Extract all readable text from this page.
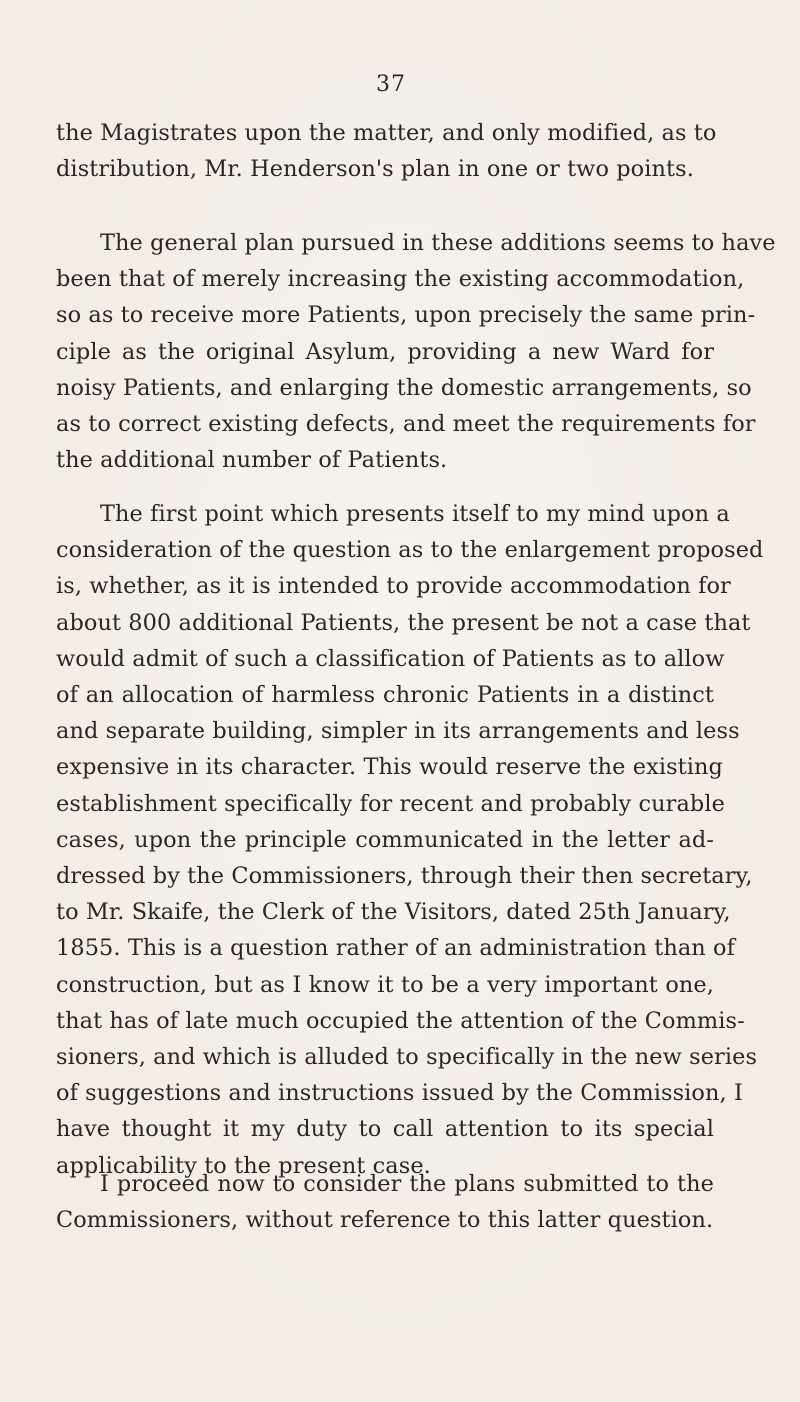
37
the Magistrates upon the matter, and only modified, as to
distribution, Mr. Henderson's plan in one or two points.
The general plan pursued in these additions seems to have
been that of merely increasing the existing accommodation,
so as to receive more Patients, upon precisely the same prin-
ciple as the original Asylum, providing a new Ward for
noisy Patients, and enlarging the domestic arrangements, so
as to correct existing defects, and meet the requirements for
the additional number of Patients.
The first point which presents itself to my mind upon a
consideration of the question as to the enlargement proposed
is, whether, as it is intended to provide accommodation for
about 800 additional Patients, the present be not a case that
would admit of such a classification of Patients as to allow
of an allocation of harmless chronic Patients in a distinct
and separate building, simpler in its arrangements and less
expensive in its character. This would reserve the existing
establishment specifically for recent and probably curable
cases, upon the principle communicated in the letter ad-
dressed by the Commissioners, through their then secretary,
to Mr. Skaife, the Clerk of the Visitors, dated 25th January,
1855. This is a question rather of an administration than of
construction, but as I know it to be a very important one,
that has of late much occupied the attention of the Commis-
sioners, and which is alluded to specifically in the new series
of suggestions and instructions issued by the Commission, I
have thought it my duty to call attention to its special
applicability to the present case.
I proceed now to consider the plans submitted to the
Commissioners, without reference to this latter question.
